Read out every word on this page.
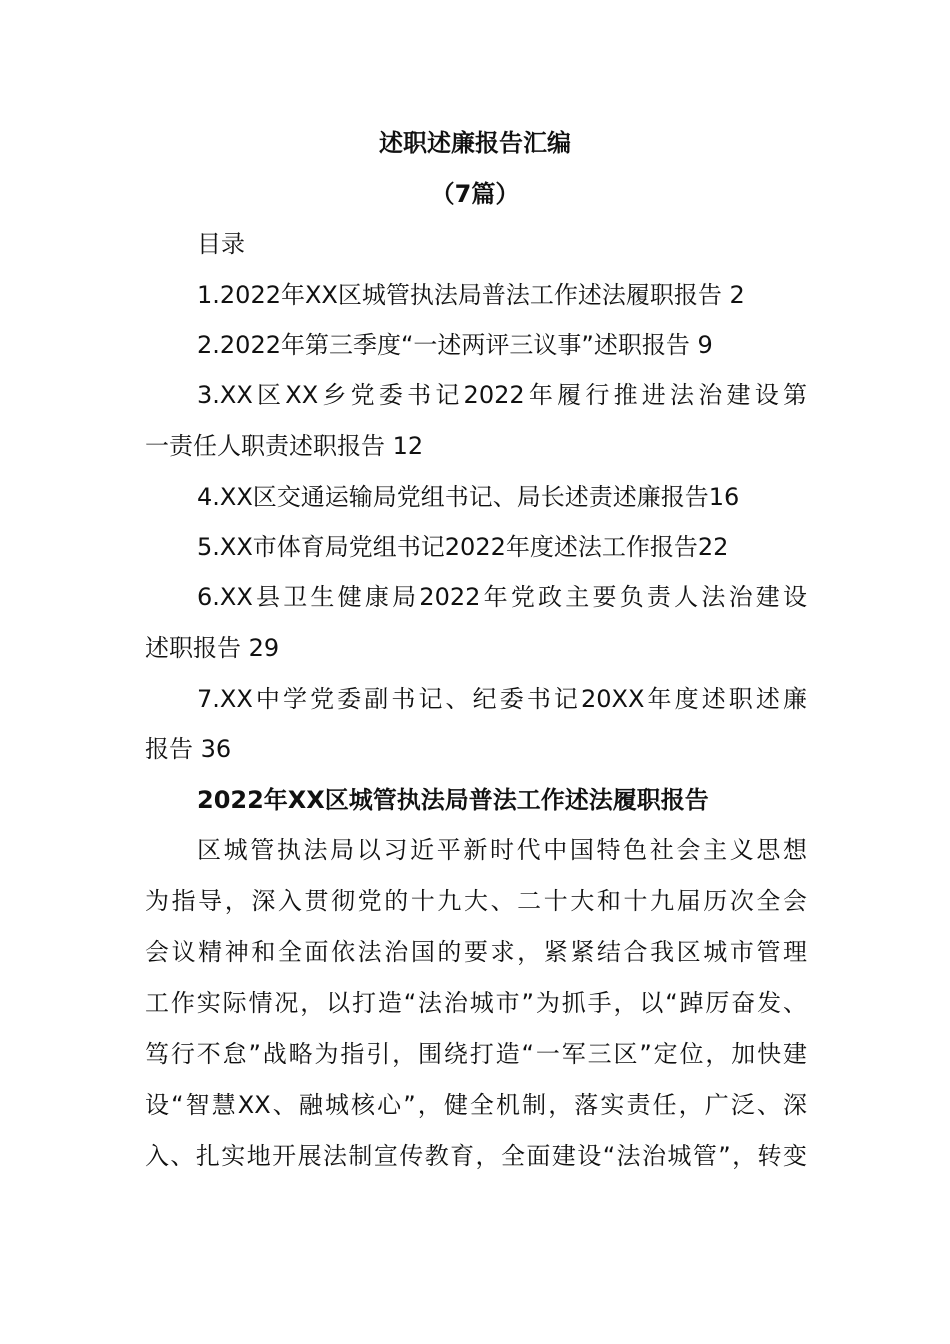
述职述廉报告汇编
（7篇）
目录
1.2022年XX区城管执法局普法工作述法履职报告 2
2.2022年第三季度“一述两评三议事”述职报告 9
3.XX区XX乡党委书记2022年履行推进法治建设第
一责任人职责述职报告 12
4.XX区交通运输局党组书记、局长述责述廉报告16
5.XX市体育局党组书记2022年度述法工作报告22
6.XX县卫生健康局2022年党政主要负责人法治建设
述职报告 29
7.XX中学党委副书记、纪委书记20XX年度述职述廉
报告 36
2022年XX区城管执法局普法工作述法履职报告
区城管执法局以习近平新时代中国特色社会主义思想
为指导，深入贯彻党的十九大、二十大和十九届历次全会
会议精神和全面依法治国的要求，紧紧结合我区城市管理
工作实际情况，以打造“法治城市”为抓手，以“踔厉奋发、
笃行不怠”战略为指引，围绕打造“一军三区”定位，加快建
设“智慧XX、融城核心”，健全机制，落实责任，广泛、深
入、扎实地开展法制宣传教育，全面建设“法治城管”，转变
